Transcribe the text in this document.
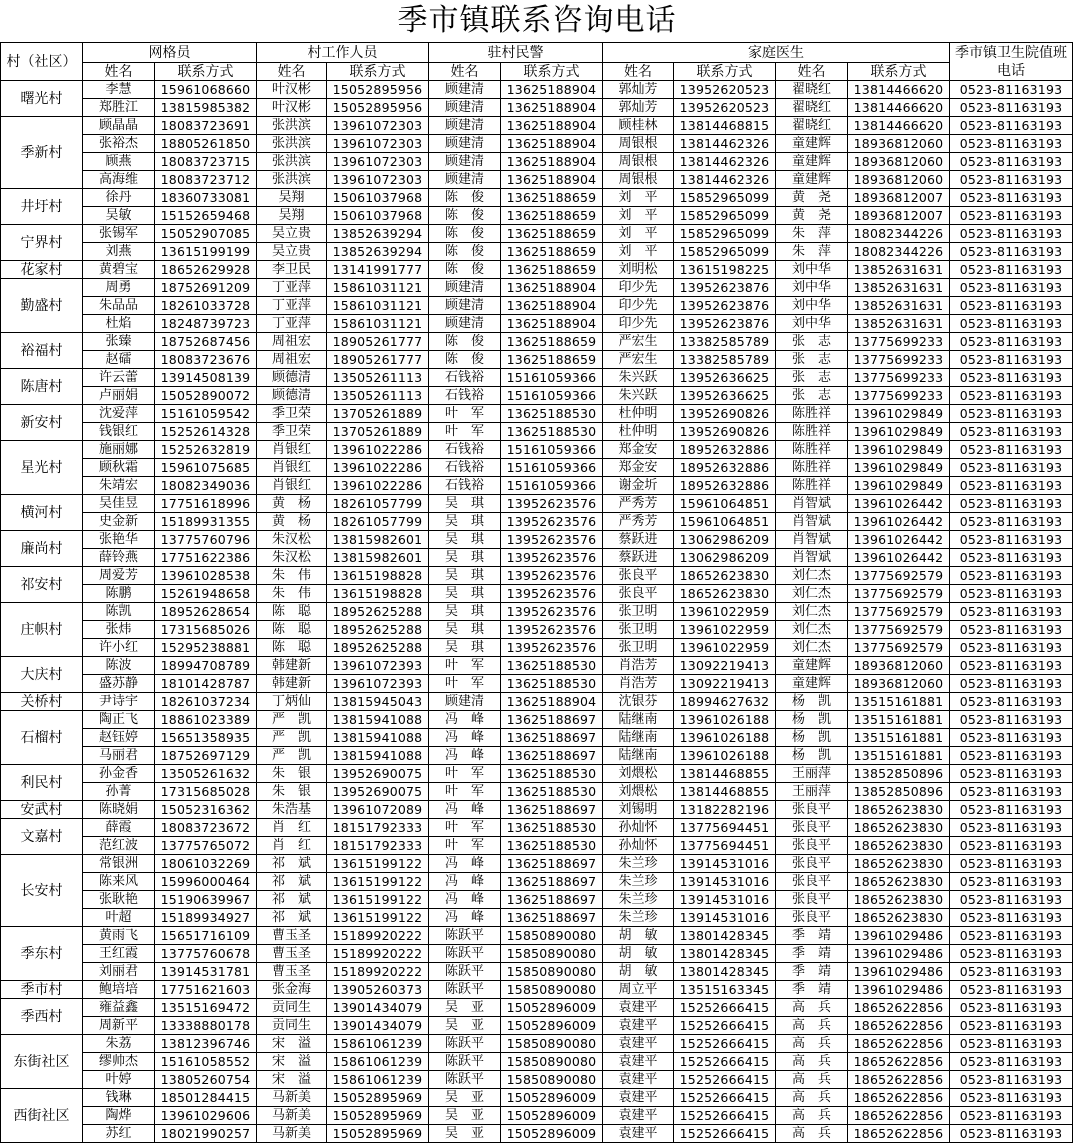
季市镇联系咨询电话
村（社区）	网格员		村工作人员		驻村民警		家庭医生				季市镇卫生院值班电话
	姓名	联系方式	姓名	联系方式	姓名	联系方式	姓名	联系方式	姓名	联系方式	
曙光村	李慧	15961068660	叶汉彬	15052895956	顾建清	13625188904	郭灿芳	13952620523	翟晓红	13814466620	0523-81163193
	郑胜江	13815985382	叶汉彬	15052895956	顾建清	13625188904	郭灿芳	13952620523	翟晓红	13814466620	0523-81163193
季新村	顾晶晶	18083723691	张洪滨	13961072303	顾建清	13625188904	顾桂林	13814468815	翟晓红	13814466620	0523-81163193
	张裕杰	18805261850	张洪滨	13961072303	顾建清	13625188904	周银根	13814462326	童建辉	18936812060	0523-81163193
	顾燕	18083723715	张洪滨	13961072303	顾建清	13625188904	周银根	13814462326	童建辉	18936812060	0523-81163193
	高海维	18083723712	张洪滨	13961072303	顾建清	13625188904	周银根	13814462326	童建辉	18936812060	0523-81163193
井圩村	徐丹	18360733081	吴翔	15061037968	陈　俊	13625188659	刘　平	15852965099	黄　尧	18936812007	0523-81163193
	吴敏	15152659468	吴翔	15061037968	陈　俊	13625188659	刘　平	15852965099	黄　尧	18936812007	0523-81163193
宁界村	张锡军	15052907085	吴立贵	13852639294	陈　俊	13625188659	刘　平	15852965099	朱　萍	18082344226	0523-81163193
	刘燕	13615199199	吴立贵	13852639294	陈　俊	13625188659	刘　平	15852965099	朱　萍	18082344226	0523-81163193
花家村	黄碧宝	18652629928	李卫民	13141991777	陈　俊	13625188659	刘明松	13615198225	刘中华	13852631631	0523-81163193
勤盛村	周勇	18752691209	丁亚萍	15861031121	顾建清	13625188904	印少先	13952623876	刘中华	13852631631	0523-81163193
	朱品品	18261033728	丁亚萍	15861031121	顾建清	13625188904	印少先	13952623876	刘中华	13852631631	0523-81163193
	杜焰	18248739723	丁亚萍	15861031121	顾建清	13625188904	印少先	13952623876	刘中华	13852631631	0523-81163193
裕福村	张臻	18752687456	周祖宏	18905261777	陈　俊	13625188659	严宏生	13382585789	张　志	13775699233	0523-81163193
	赵礌	18083723676	周祖宏	18905261777	陈　俊	13625188659	严宏生	13382585789	张　志	13775699233	0523-81163193
陈唐村	许云蕾	13914508139	顾德清	13505261113	石钱裕	15161059366	朱兴跃	13952636625	张　志	13775699233	0523-81163193
	卢丽娟	15052890072	顾德清	13505261113	石钱裕	15161059366	朱兴跃	13952636625	张　志	13775699233	0523-81163193
新安村	沈爱萍	15161059542	季卫荣	13705261889	叶　军	13625188530	杜仲明	13952690826	陈胜祥	13961029849	0523-81163193
	钱银红	15252614328	季卫荣	13705261889	叶　军	13625188530	杜仲明	13952690826	陈胜祥	13961029849	0523-81163193
星光村	施丽娜	15252632819	肖银红	13961022286	石钱裕	15161059366	郑金安	18952632886	陈胜祥	13961029849	0523-81163193
	顾秋霜	15961075685	肖银红	13961022286	石钱裕	15161059366	郑金安	18952632886	陈胜祥	13961029849	0523-81163193
	朱靖宏	18082349036	肖银红	13961022286	石钱裕	15161059366	谢金圻	18952632886	陈胜祥	13961029849	0523-81163193
横河村	吴佳昱	17751618996	黄　杨	18261057799	吴　琪	13952623576	严秀芳	15961064851	肖智斌	13961026442	0523-81163193
	史金新	15189931355	黄　杨	18261057799	吴　琪	13952623576	严秀芳	15961064851	肖智斌	13961026442	0523-81163193
廉尚村	张艳华	13775760796	朱汉松	13815982601	吴　琪	13952623576	蔡跃进	13062986209	肖智斌	13961026442	0523-81163193
	薛铃燕	17751622386	朱汉松	13815982601	吴　琪	13952623576	蔡跃进	13062986209	肖智斌	13961026442	0523-81163193
祁安村	周爱芳	13961028538	朱　伟	13615198828	吴　琪	13952623576	张良平	18652623830	刘仁杰	13775692579	0523-81163193
	陈鹏	15261948658	朱　伟	13615198828	吴　琪	13952623576	张良平	18652623830	刘仁杰	13775692579	0523-81163193
庄帜村	陈凯	18952628654	陈　聪	18952625288	吴　琪	13952623576	张卫明	13961022959	刘仁杰	13775692579	0523-81163193
	张炜	17315685026	陈　聪	18952625288	吴　琪	13952623576	张卫明	13961022959	刘仁杰	13775692579	0523-81163193
	许小红	15295238881	陈　聪	18952625288	吴　琪	13952623576	张卫明	13961022959	刘仁杰	13775692579	0523-81163193
大庆村	陈波	18994708789	韩建新	13961072393	叶　军	13625188530	肖浩芳	13092219413	童建辉	18936812060	0523-81163193
	盛苏静	18101428787	韩建新	13961072393	叶　军	13625188530	肖浩芳	13092219413	童建辉	18936812060	0523-81163193
关桥村	尹诗宇	18261037234	丁炳仙	13815945043	顾建清	13625188904	沈银芬	18994627632	杨　凯	13515161881	0523-81163193
石榴村	陶正飞	18861023389	严　凯	13815941088	冯　峰	13625188697	陆继南	13961026188	杨　凯	13515161881	0523-81163193
	赵钰婷	15651358935	严　凯	13815941088	冯　峰	13625188697	陆继南	13961026188	杨　凯	13515161881	0523-81163193
	马丽君	18752697129	严　凯	13815941088	冯　峰	13625188697	陆继南	13961026188	杨　凯	13515161881	0523-81163193
利民村	孙金香	13505261632	朱　银	13952690075	叶　军	13625188530	刘煨松	13814468855	王丽萍	13852850896	0523-81163193
	孙菁	17315685028	朱　银	13952690075	叶　军	13625188530	刘煨松	13814468855	王丽萍	13852850896	0523-81163193
安武村	陈晓娟	15052316362	朱浩基	13961072089	冯　峰	13625188697	刘锡明	13182282196	张良平	18652623830	0523-81163193
文嘉村	薛霞	18083723672	肖　红	18151792333	叶　军	13625188530	孙灿怀	13775694451	张良平	18652623830	0523-81163193
	范红波	13775765072	肖　红	18151792333	叶　军	13625188530	孙灿怀	13775694451	张良平	18652623830	0523-81163193
长安村	常银洲	18061032269	祁　斌	13615199122	冯　峰	13625188697	朱兰珍	13914531016	张良平	18652623830	0523-81163193
	陈来风	15996000464	祁　斌	13615199122	冯　峰	13625188697	朱兰珍	13914531016	张良平	18652623830	0523-81163193
	张耿艳	15190639967	祁　斌	13615199122	冯　峰	13625188697	朱兰珍	13914531016	张良平	18652623830	0523-81163193
	叶超	15189934927	祁　斌	13615199122	冯　峰	13625188697	朱兰珍	13914531016	张良平	18652623830	0523-81163193
季东村	黄雨飞	15651716109	曹玉圣	15189920222	陈跃平	15850890080	胡　敏	13801428345	季　靖	13961029486	0523-81163193
	王红霞	13775760678	曹玉圣	15189920222	陈跃平	15850890080	胡　敏	13801428345	季　靖	13961029486	0523-81163193
	刘丽君	13914531781	曹玉圣	15189920222	陈跃平	15850890080	胡　敏	13801428345	季　靖	13961029486	0523-81163193
季市村	鲍培培	17751621603	张金海	13905260373	陈跃平	15850890080	周立平	13515163345	季　靖	13961029486	0523-81163193
季西村	雍益鑫	13515169472	贡同生	13901434079	吴　亚	15052896009	袁建平	15252666415	高　兵	18652622856	0523-81163193
	周新平	13338880178	贡同生	13901434079	吴　亚	15052896009	袁建平	15252666415	高　兵	18652622856	0523-81163193
东街社区	朱荔	13812396746	宋　溢	15861061239	陈跃平	15850890080	袁建平	15252666415	高　兵	18652622856	0523-81163193
	缪帅杰	15161058552	宋　溢	15861061239	陈跃平	15850890080	袁建平	15252666415	高　兵	18652622856	0523-81163193
	叶婷	13805260754	宋　溢	15861061239	陈跃平	15850890080	袁建平	15252666415	高　兵	18652622856	0523-81163193
西街社区	钱琳	18501284415	马新美	15052895969	吴　亚	15052896009	袁建平	15252666415	高　兵	18652622856	0523-81163193
	陶烨	13961029606	马新美	15052895969	吴　亚	15052896009	袁建平	15252666415	高　兵	18652622856	0523-81163193
	苏红	18021990257	马新美	15052895969	吴　亚	15052896009	袁建平	15252666415	高　兵	18652622856	0523-81163193
